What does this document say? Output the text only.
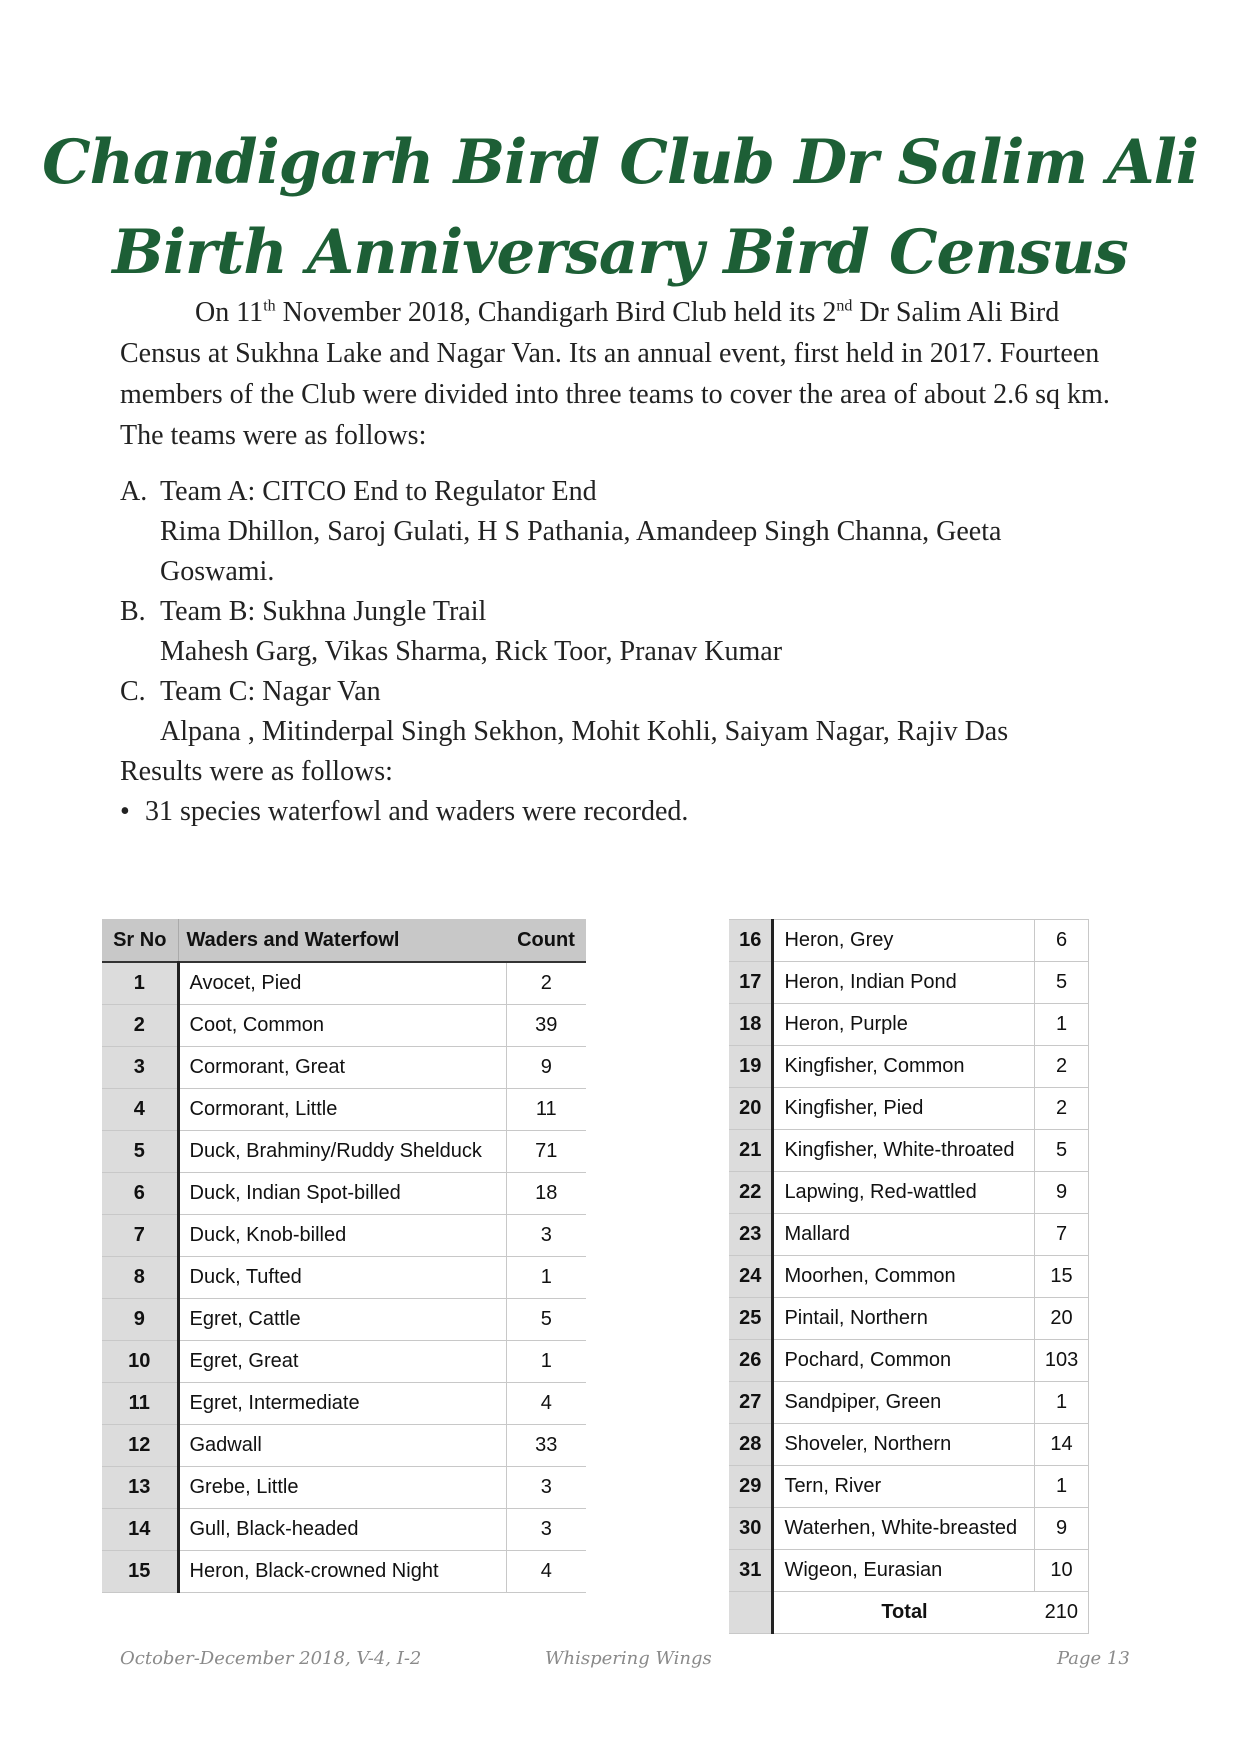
Chandigarh Bird Club Dr Salim Ali
Birth Anniversary Bird Census

On 11th November 2018, Chandigarh Bird Club held its 2nd Dr Salim Ali Bird Census at Sukhna Lake and Nagar Van. Its an annual event, first held in 2017. Fourteen members of the Club were divided into three teams to cover the area of about 2.6 sq km. The teams were as follows:

A. Team A: CITCO End to Regulator End
Rima Dhillon, Saroj Gulati, H S Pathania, Amandeep Singh Channa, Geeta Goswami.
B. Team B: Sukhna Jungle Trail
Mahesh Garg, Vikas Sharma, Rick Toor, Pranav Kumar
C. Team C: Nagar Van
Alpana , Mitinderpal Singh Sekhon, Mohit Kohli, Saiyam Nagar, Rajiv Das
Results were as follows:
• 31 species waterfowl and waders were recorded.
Sr No	Waders and Waterfowl	Count
1	Avocet, Pied	2
2	Coot, Common	39
3	Cormorant, Great	9
4	Cormorant, Little	11
5	Duck, Brahminy/Ruddy Shelduck	71
6	Duck, Indian Spot-billed	18
7	Duck, Knob-billed	3
8	Duck, Tufted	1
9	Egret, Cattle	5
10	Egret, Great	1
11	Egret, Intermediate	4
12	Gadwall	33
13	Grebe, Little	3
14	Gull, Black-headed	3
15	Heron, Black-crowned Night	4
16	Heron, Grey	6
17	Heron, Indian Pond	5
18	Heron, Purple	1
19	Kingfisher, Common	2
20	Kingfisher, Pied	2
21	Kingfisher, White-throated	5
22	Lapwing, Red-wattled	9
23	Mallard	7
24	Moorhen, Common	15
25	Pintail, Northern	20
26	Pochard, Common	103
27	Sandpiper, Green	1
28	Shoveler, Northern	14
29	Tern, River	1
30	Waterhen, White-breasted	9
31	Wigeon, Eurasian	10
	Total	210
October-December 2018, V-4, I-2	Whispering Wings	Page 13
